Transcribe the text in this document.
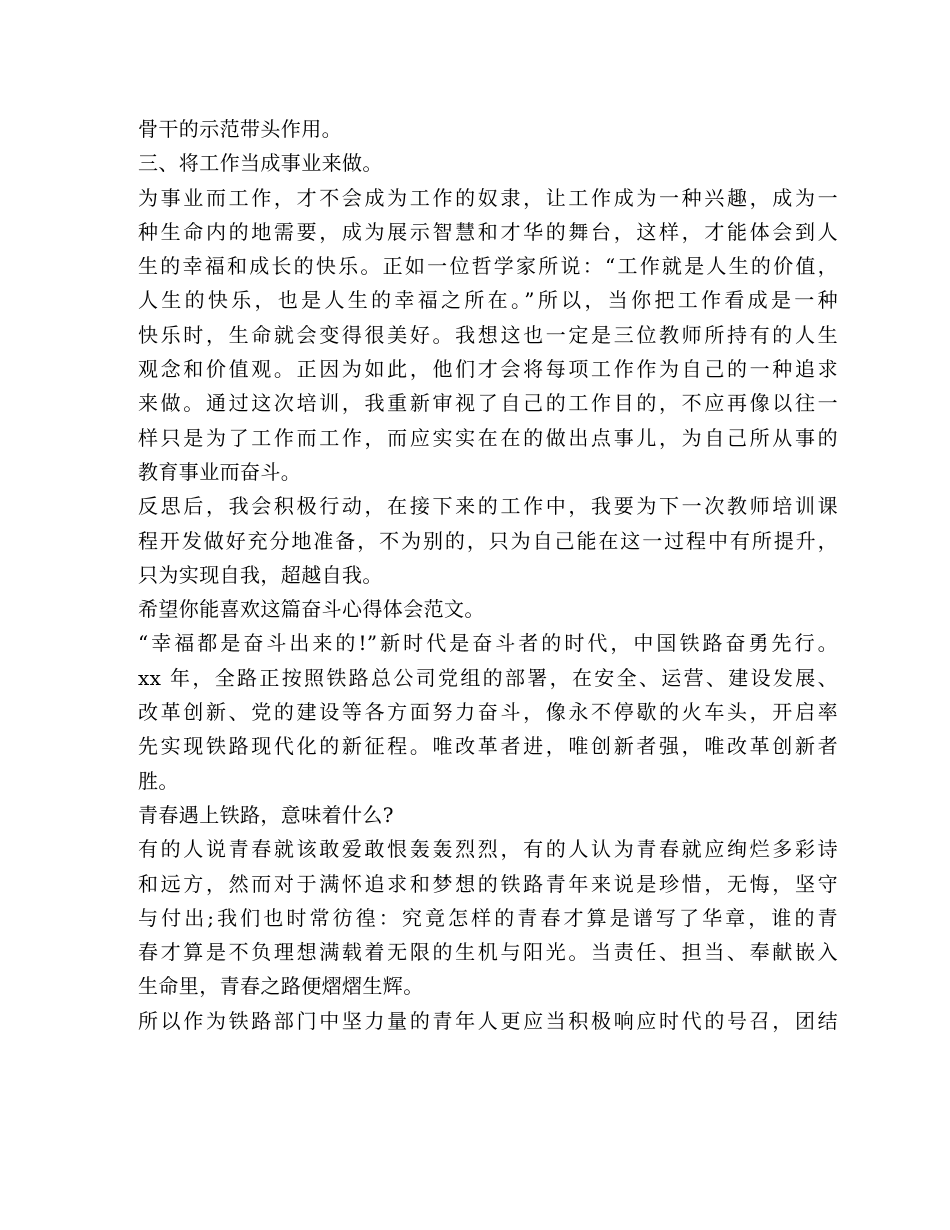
骨干的示范带头作用。
三、将工作当成事业来做。
为事业而工作，才不会成为工作的奴隶，让工作成为一种兴趣，成为一
种生命内的地需要，成为展示智慧和才华的舞台，这样，才能体会到人
生的幸福和成长的快乐。正如一位哲学家所说：“工作就是人生的价值，
人生的快乐，也是人生的幸福之所在。”所以，当你把工作看成是一种
快乐时，生命就会变得很美好。我想这也一定是三位教师所持有的人生
观念和价值观。正因为如此，他们才会将每项工作作为自己的一种追求
来做。通过这次培训，我重新审视了自己的工作目的，不应再像以往一
样只是为了工作而工作，而应实实在在的做出点事儿，为自己所从事的
教育事业而奋斗。
反思后，我会积极行动，在接下来的工作中，我要为下一次教师培训课
程开发做好充分地准备，不为别的，只为自己能在这一过程中有所提升，
只为实现自我，超越自我。
希望你能喜欢这篇奋斗心得体会范文。
“幸福都是奋斗出来的!”新时代是奋斗者的时代，中国铁路奋勇先行。
xx 年，全路正按照铁路总公司党组的部署，在安全、运营、建设发展、
改革创新、党的建设等各方面努力奋斗，像永不停歇的火车头，开启率
先实现铁路现代化的新征程。唯改革者进，唯创新者强，唯改革创新者
胜。
青春遇上铁路，意味着什么?
有的人说青春就该敢爱敢恨轰轰烈烈，有的人认为青春就应绚烂多彩诗
和远方，然而对于满怀追求和梦想的铁路青年来说是珍惜，无悔，坚守
与付出;我们也时常彷徨：究竟怎样的青春才算是谱写了华章，谁的青
春才算是不负理想满载着无限的生机与阳光。当责任、担当、奉献嵌入
生命里，青春之路便熠熠生辉。
所以作为铁路部门中坚力量的青年人更应当积极响应时代的号召，团结
